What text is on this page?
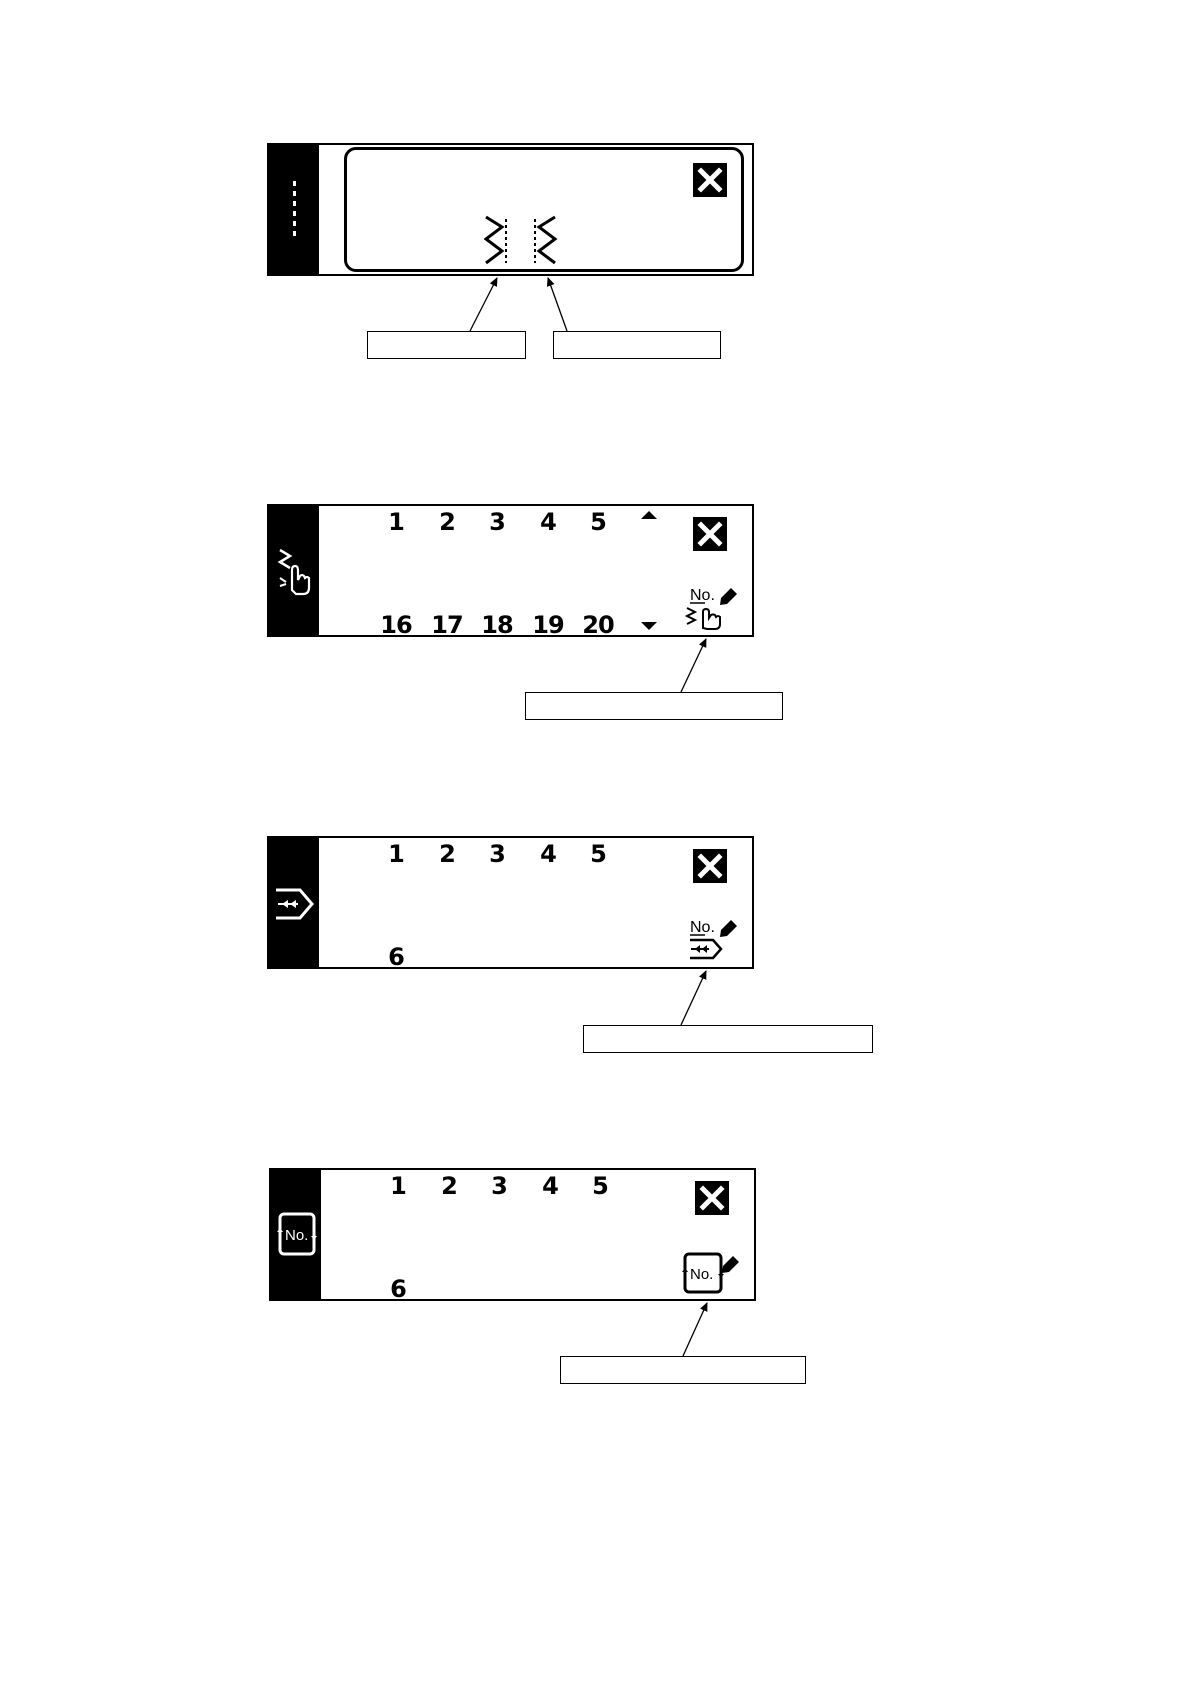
1	2	3	4	5
16 17 18 19 20
No.
1	2	3	4	5
6
No.
No.
1	2	3	4	5
6
No.
